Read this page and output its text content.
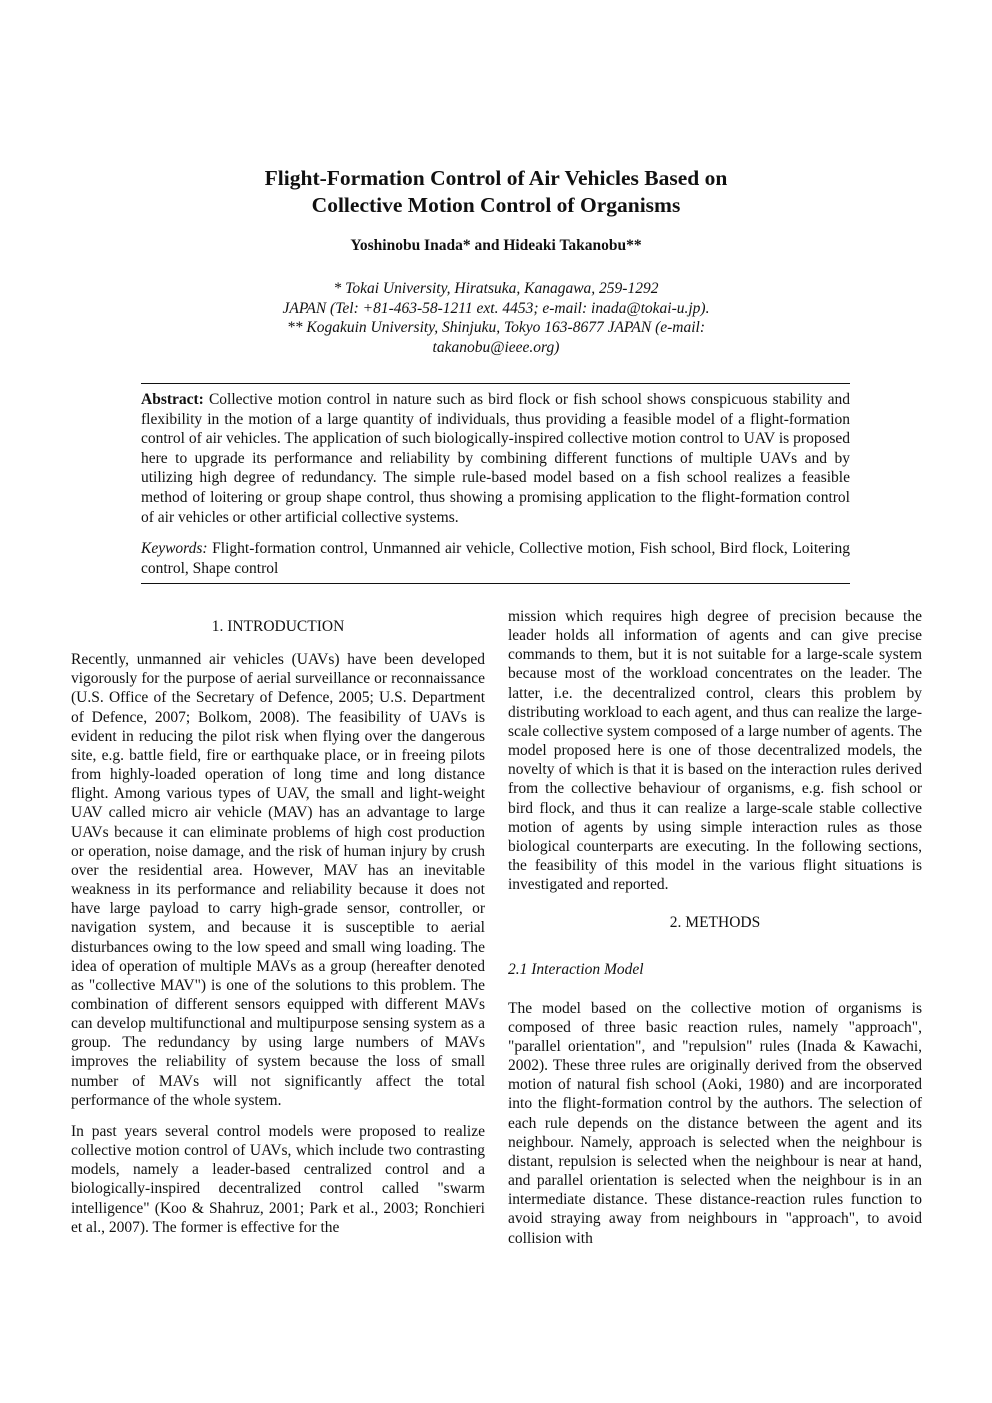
Flight-Formation Control of Air Vehicles Based on
Collective Motion Control of Organisms
Yoshinobu Inada* and Hideaki Takanobu**
* Tokai University, Hiratsuka, Kanagawa, 259-1292
JAPAN (Tel: +81-463-58-1211 ext. 4453; e-mail: inada@tokai-u.jp).
** Kogakuin University, Shinjuku, Tokyo 163-8677 JAPAN (e-mail:
takanobu@ieee.org)
Abstract: Collective motion control in nature such as bird flock or fish school shows conspicuous stability and flexibility in the motion of a large quantity of individuals, thus providing a feasible model of a flight-formation control of air vehicles. The application of such biologically-inspired collective motion control to UAV is proposed here to upgrade its performance and reliability by combining different functions of multiple UAVs and by utilizing high degree of redundancy. The simple rule-based model based on a fish school realizes a feasible method of loitering or group shape control, thus showing a promising application to the flight-formation control of air vehicles or other artificial collective systems.
Keywords: Flight-formation control, Unmanned air vehicle, Collective motion, Fish school, Bird flock, Loitering control, Shape control

1. INTRODUCTION

Recently, unmanned air vehicles (UAVs) have been developed vigorously for the purpose of aerial surveillance or reconnaissance (U.S. Office of the Secretary of Defence, 2005; U.S. Department of Defence, 2007; Bolkom, 2008). The feasibility of UAVs is evident in reducing the pilot risk when flying over the dangerous site, e.g. battle field, fire or earthquake place, or in freeing pilots from highly-loaded operation of long time and long distance flight. Among various types of UAV, the small and light-weight UAV called micro air vehicle (MAV) has an advantage to large UAVs because it can eliminate problems of high cost production or operation, noise damage, and the risk of human injury by crush over the residential area. However, MAV has an inevitable weakness in its performance and reliability because it does not have large payload to carry high-grade sensor, controller, or navigation system, and because it is susceptible to aerial disturbances owing to the low speed and small wing loading. The idea of operation of multiple MAVs as a group (hereafter denoted as "collective MAV") is one of the solutions to this problem. The combination of different sensors equipped with different MAVs can develop multifunctional and multipurpose sensing system as a group. The redundancy by using large numbers of MAVs improves the reliability of system because the loss of small number of MAVs will not significantly affect the total performance of the whole system.

In past years several control models were proposed to realize collective motion control of UAVs, which include two contrasting models, namely a leader-based centralized control and a biologically-inspired decentralized control called "swarm intelligence" (Koo & Shahruz, 2001; Park et al., 2003; Ronchieri et al., 2007). The former is effective for the

mission which requires high degree of precision because the leader holds all information of agents and can give precise commands to them, but it is not suitable for a large-scale system because most of the workload concentrates on the leader. The latter, i.e. the decentralized control, clears this problem by distributing workload to each agent, and thus can realize the large-scale collective system composed of a large number of agents. The model proposed here is one of those decentralized models, the novelty of which is that it is based on the interaction rules derived from the collective behaviour of organisms, e.g. fish school or bird flock, and thus it can realize a large-scale stable collective motion of agents by using simple interaction rules as those biological counterparts are executing. In the following sections, the feasibility of this model in the various flight situations is investigated and reported.

2. METHODS

2.1 Interaction Model

The model based on the collective motion of organisms is composed of three basic reaction rules, namely "approach", "parallel orientation", and "repulsion" rules (Inada & Kawachi, 2002). These three rules are originally derived from the observed motion of natural fish school (Aoki, 1980) and are incorporated into the flight-formation control by the authors. The selection of each rule depends on the distance between the agent and its neighbour. Namely, approach is selected when the neighbour is distant, repulsion is selected when the neighbour is near at hand, and parallel orientation is selected when the neighbour is in an intermediate distance. These distance-reaction rules function to avoid straying away from neighbours in "approach", to avoid collision with
